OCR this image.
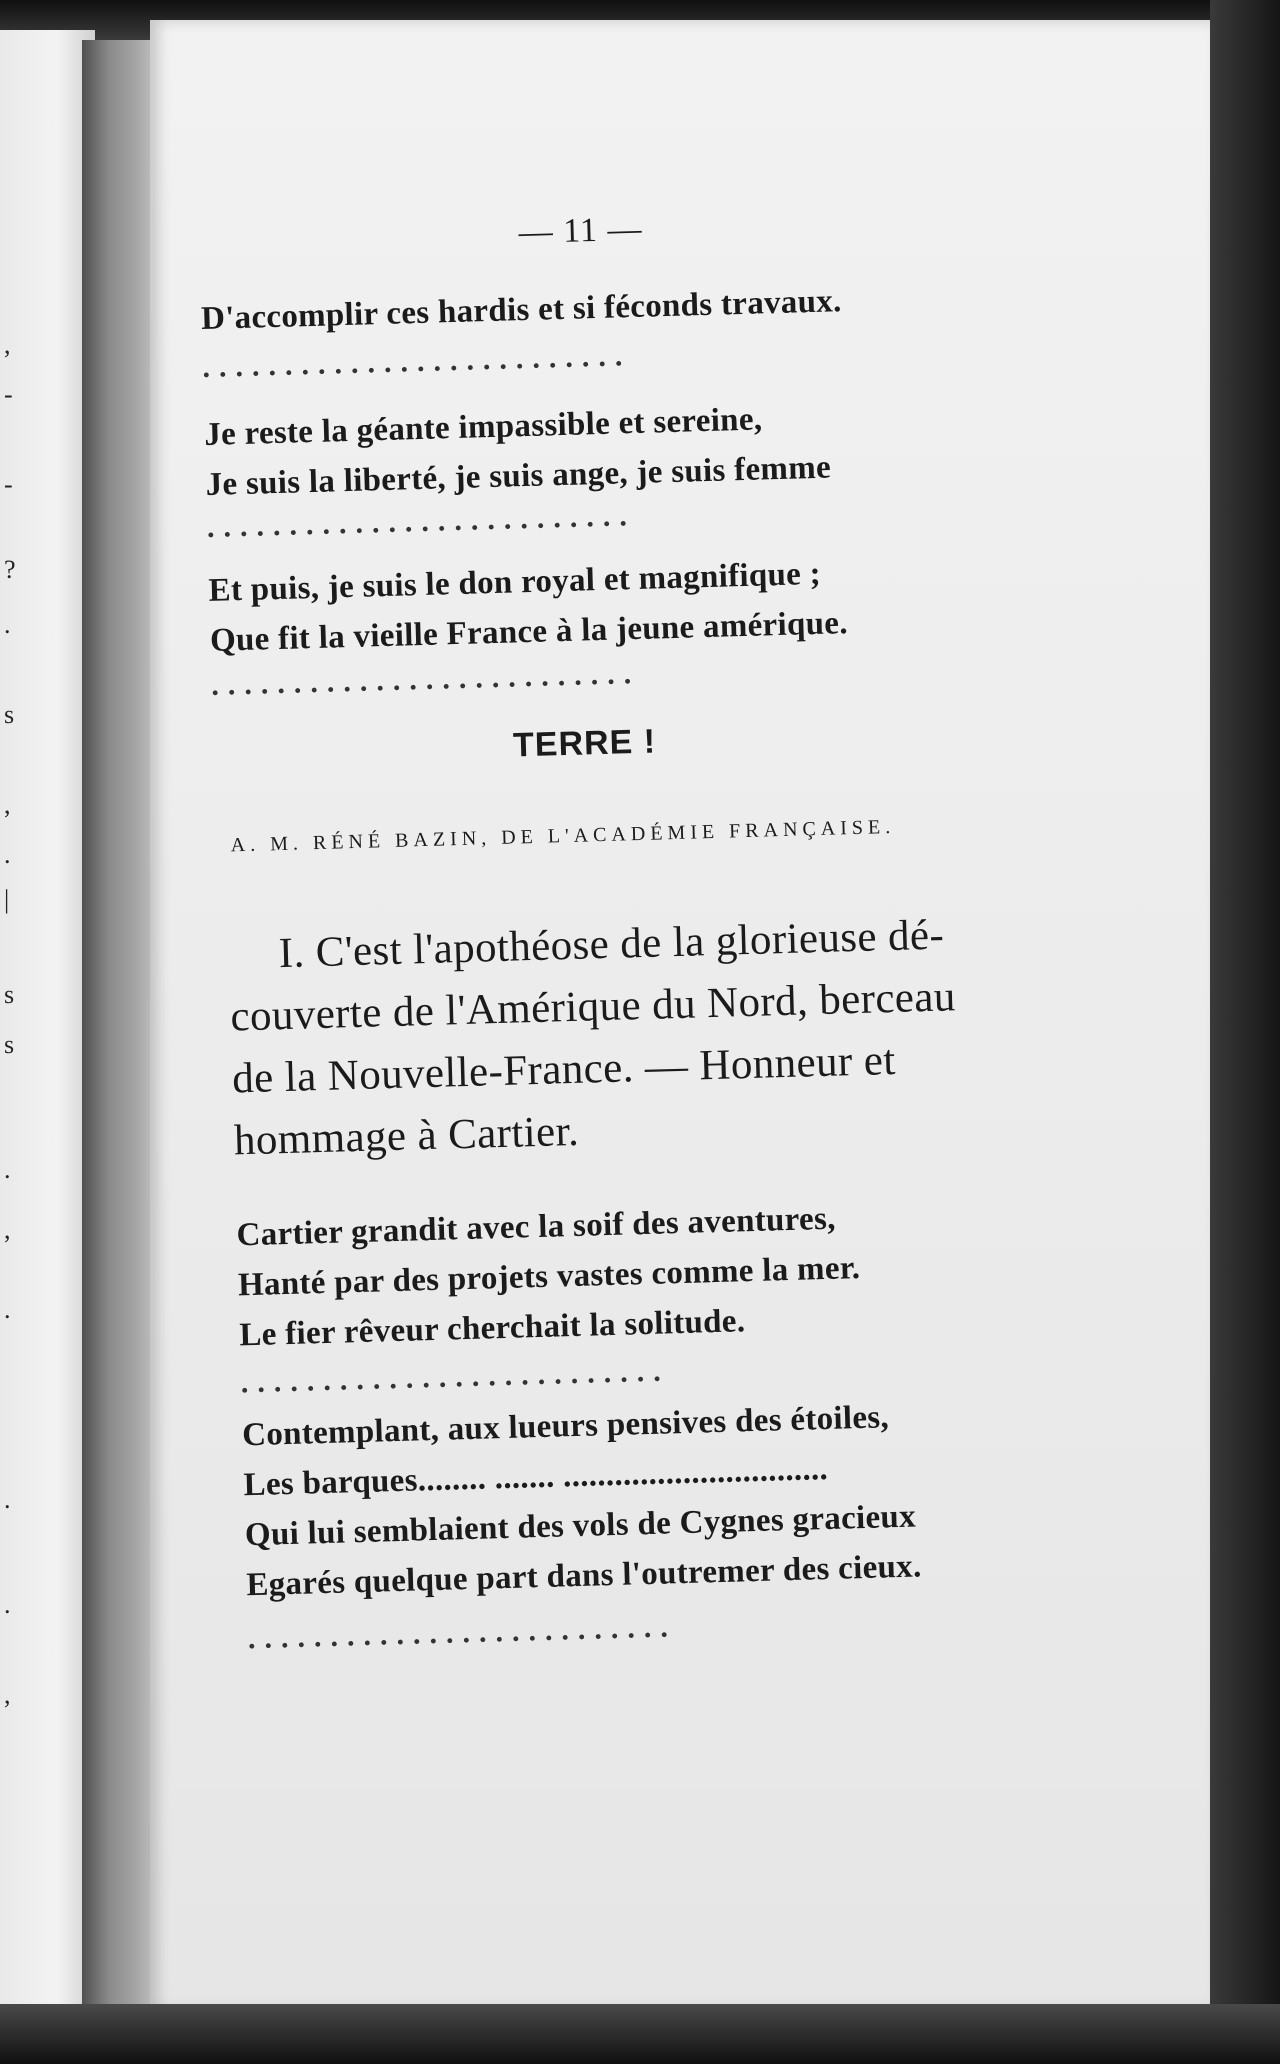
,
-
-
?
.
s
,
.
|
s
s
.
,
.
.
.
,
— 11 —
D'accomplir ces hardis et si féconds travaux.
..........................
Je reste la géante impassible et sereine,
Je suis la liberté, je suis ange, je suis femme
..........................
Et puis, je suis le don royal et magnifique ;
Que fit la vieille France à la jeune amérique.
..........................
TERRE !
A. M. RÉNÉ BAZIN, DE L'ACADÉMIE FRANÇAISE.
I. C'est l'apothéose de la glorieuse dé-
couverte de l'Amérique du Nord, berceau
de la Nouvelle-France. — Honneur et
hommage à Cartier.
Cartier grandit avec la soif des aventures,
Hanté par des projets vastes comme la mer.
Le fier rêveur cherchait la solitude.
..........................
Contemplant, aux lueurs pensives des étoiles,
Les barques........ ....... ...............................
Qui lui semblaient des vols de Cygnes gracieux
Egarés quelque part dans l'outremer des cieux.
..........................
